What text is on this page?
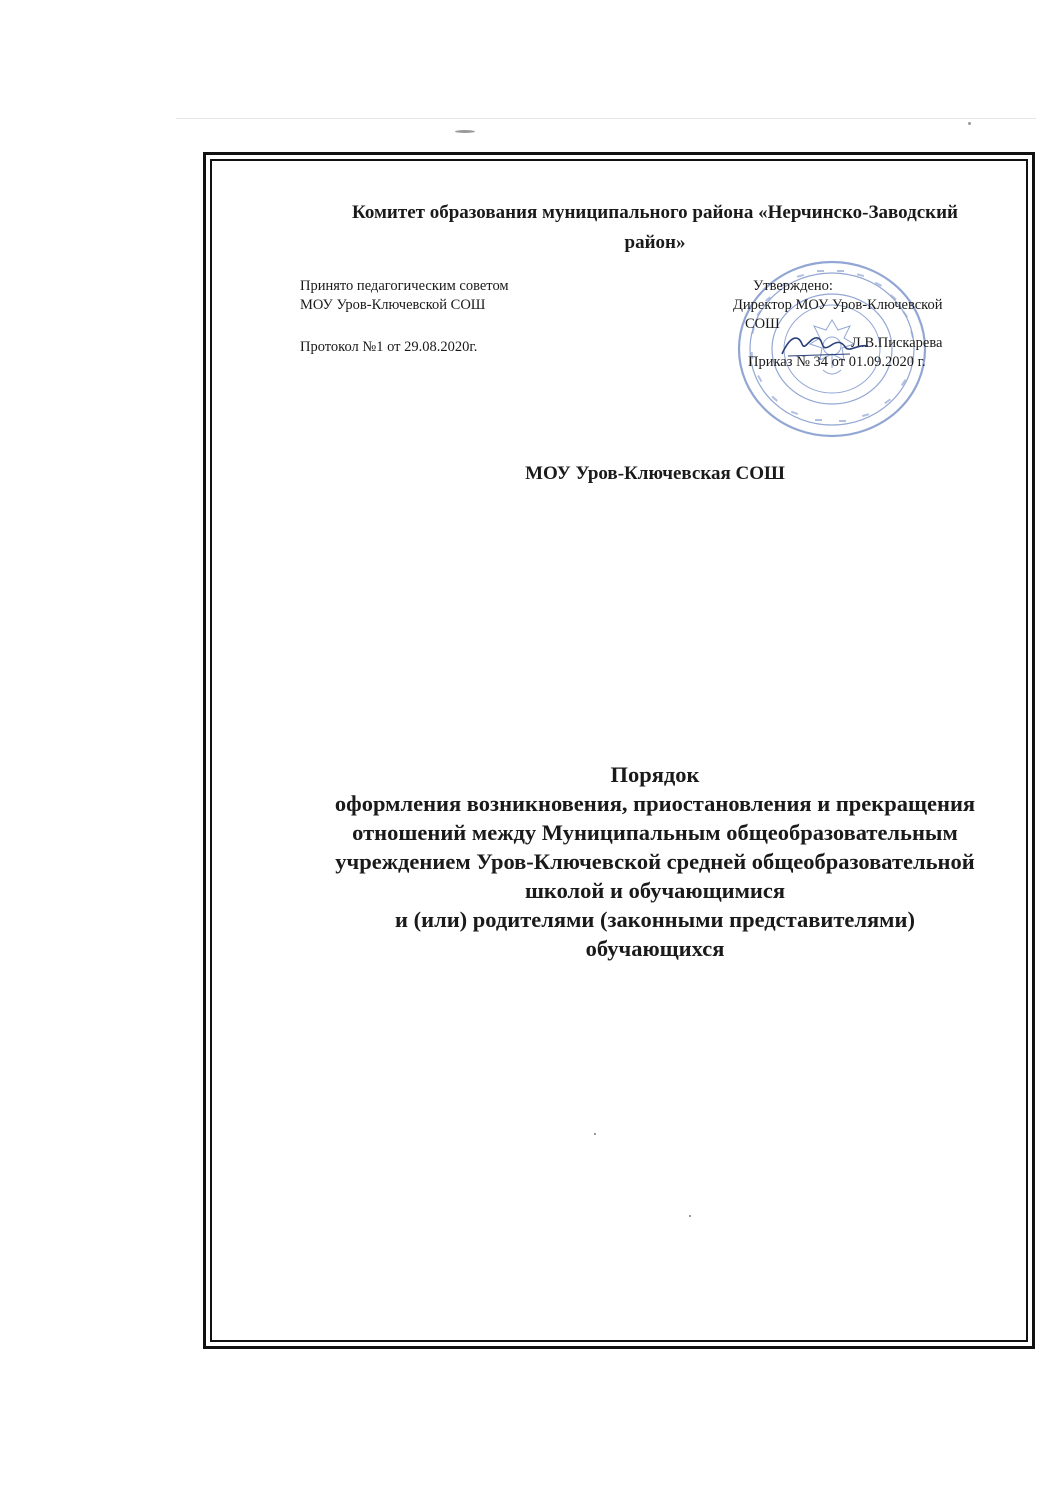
Комитет образования муниципального района «Нерчинско-Заводский
район»
Принято педагогическим советом
МОУ Уров-Ключевской СОШ
Протокол №1 от 29.08.2020г.
Утверждено:
Директор МОУ Уров-Ключевской
СОШ
Л.В.Пискарева
Приказ № 34 от 01.09.2020 г.
МОУ Уров-Ключевская СОШ
Порядок
оформления возникновения, приостановления и прекращения
отношений между Муниципальным общеобразовательным
учреждением Уров-Ключевской средней общеобразовательной
школой и обучающимися
и (или) родителями (законными представителями)
обучающихся
